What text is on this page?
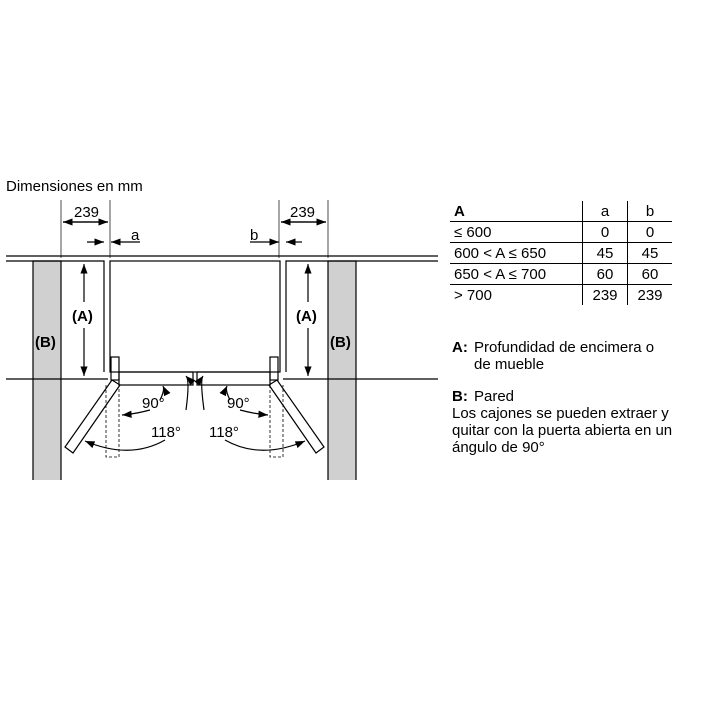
Dimensiones en mm
239	239
a	b
(A)	(A)
(B)	(B)
90°	90°
118° 118°
A	a	b
≤ 600	0	0
600 < A ≤ 650	45	45
650 < A ≤ 700	60	60
> 700	239	239
A: Profundidad de encimera o
de mueble
B: Pared
Los cajones se pueden extraer y
quitar con la puerta abierta en un
ángulo de 90°
